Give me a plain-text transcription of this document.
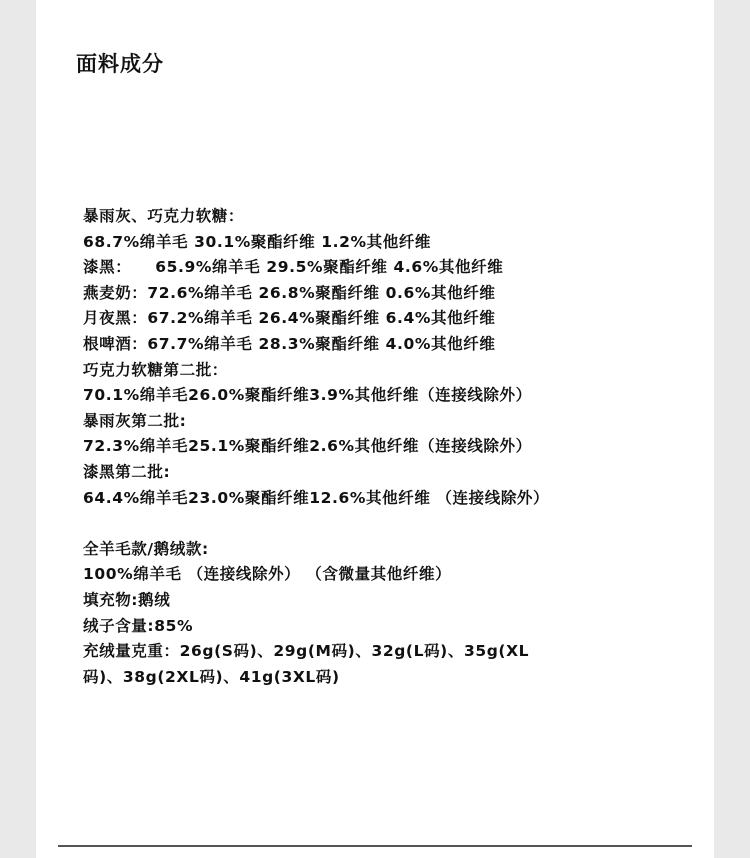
面料成分
暴雨灰、巧克力软糖：
68.7%绵羊毛 30.1%聚酯纤维 1.2%其他纤维
漆黑：    65.9%绵羊毛 29.5%聚酯纤维 4.6%其他纤维
燕麦奶：72.6%绵羊毛 26.8%聚酯纤维 0.6%其他纤维
月夜黑：67.2%绵羊毛 26.4%聚酯纤维 6.4%其他纤维
根啤酒：67.7%绵羊毛 28.3%聚酯纤维 4.0%其他纤维
巧克力软糖第二批：
70.1%绵羊毛26.0%聚酯纤维3.9%其他纤维（连接线除外）
暴雨灰第二批:
72.3%绵羊毛25.1%聚酯纤维2.6%其他纤维（连接线除外）
漆黑第二批:
64.4%绵羊毛23.0%聚酯纤维12.6%其他纤维 （连接线除外）
全羊毛款/鹅绒款:
100%绵羊毛 （连接线除外） （含微量其他纤维）
填充物:鹅绒
绒子含量:85%
充绒量克重：26g(S码)、29g(M码)、32g(L码)、35g(XL
码)、38g(2XL码)、41g(3XL码)
